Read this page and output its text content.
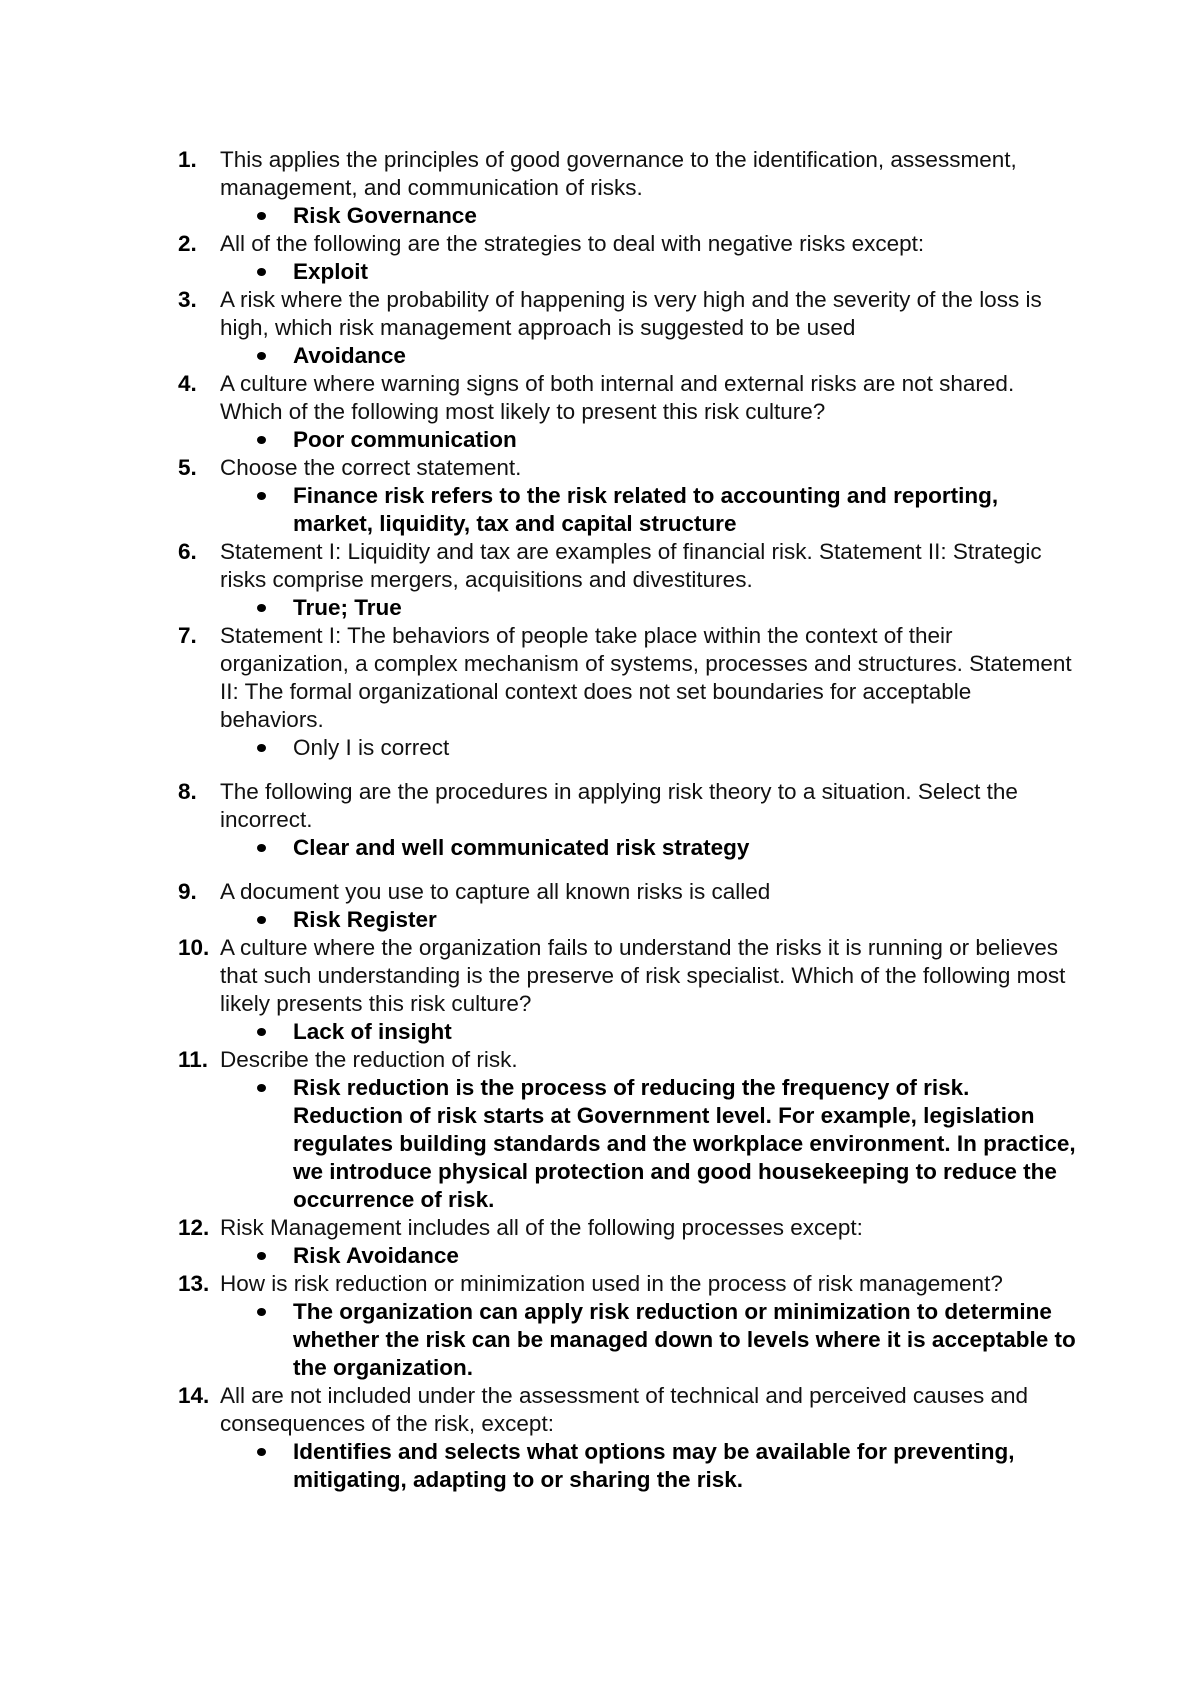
1. This applies the principles of good governance to the identification, assessment, management, and communication of risks.
Risk Governance
2. All of the following are the strategies to deal with negative risks except:
Exploit
3. A risk where the probability of happening is very high and the severity of the loss is high, which risk management approach is suggested to be used
Avoidance
4. A culture where warning signs of both internal and external risks are not shared. Which of the following most likely to present this risk culture?
Poor communication
5. Choose the correct statement.
Finance risk refers to the risk related to accounting and reporting, market, liquidity, tax and capital structure
6. Statement I: Liquidity and tax are examples of financial risk. Statement II: Strategic risks comprise mergers, acquisitions and divestitures.
True; True
7. Statement I: The behaviors of people take place within the context of their organization, a complex mechanism of systems, processes and structures. Statement II: The formal organizational context does not set boundaries for acceptable behaviors.
Only I is correct
8. The following are the procedures in applying risk theory to a situation. Select the incorrect.
Clear and well communicated risk strategy
9. A document you use to capture all known risks is called
Risk Register
10. A culture where the organization fails to understand the risks it is running or believes that such understanding is the preserve of risk specialist. Which of the following most likely presents this risk culture?
Lack of insight
11. Describe the reduction of risk.
Risk reduction is the process of reducing the frequency of risk. Reduction of risk starts at Government level. For example, legislation regulates building standards and the workplace environment. In practice, we introduce physical protection and good housekeeping to reduce the occurrence of risk.
12. Risk Management includes all of the following processes except:
Risk Avoidance
13. How is risk reduction or minimization used in the process of risk management?
The organization can apply risk reduction or minimization to determine whether the risk can be managed down to levels where it is acceptable to the organization.
14. All are not included under the assessment of technical and perceived causes and consequences of the risk, except:
Identifies and selects what options may be available for preventing, mitigating, adapting to or sharing the risk.
